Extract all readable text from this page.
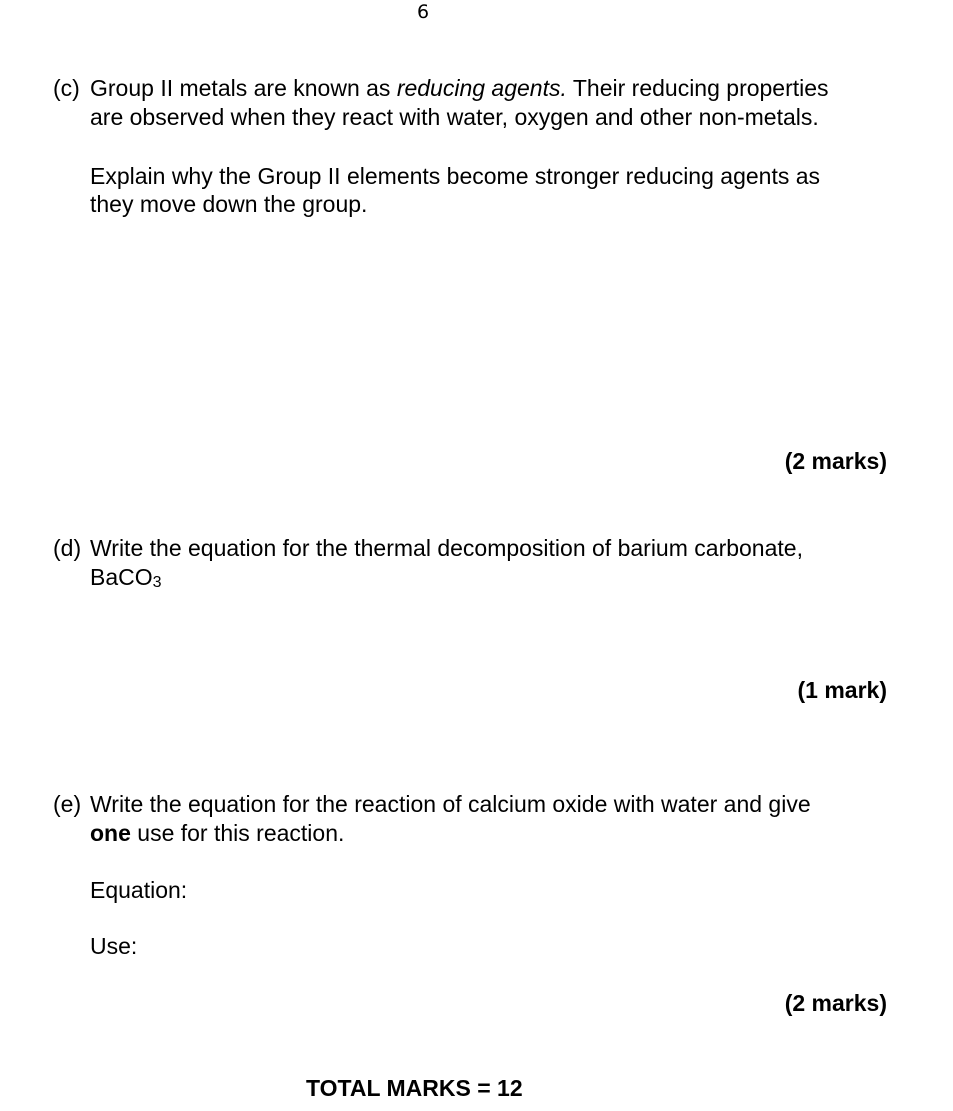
6
(c) Group II metals are known as reducing agents. Their reducing properties
are observed when they react with water, oxygen and other non-metals.
Explain why the Group II elements become stronger reducing agents as
they move down the group.
(2 marks)
(d) Write the equation for the thermal decomposition of barium carbonate,
BaCO3
(1 mark)
(e) Write the equation for the reaction of calcium oxide with water and give
one use for this reaction.
Equation:
Use:
(2 marks)
TOTAL MARKS = 12
